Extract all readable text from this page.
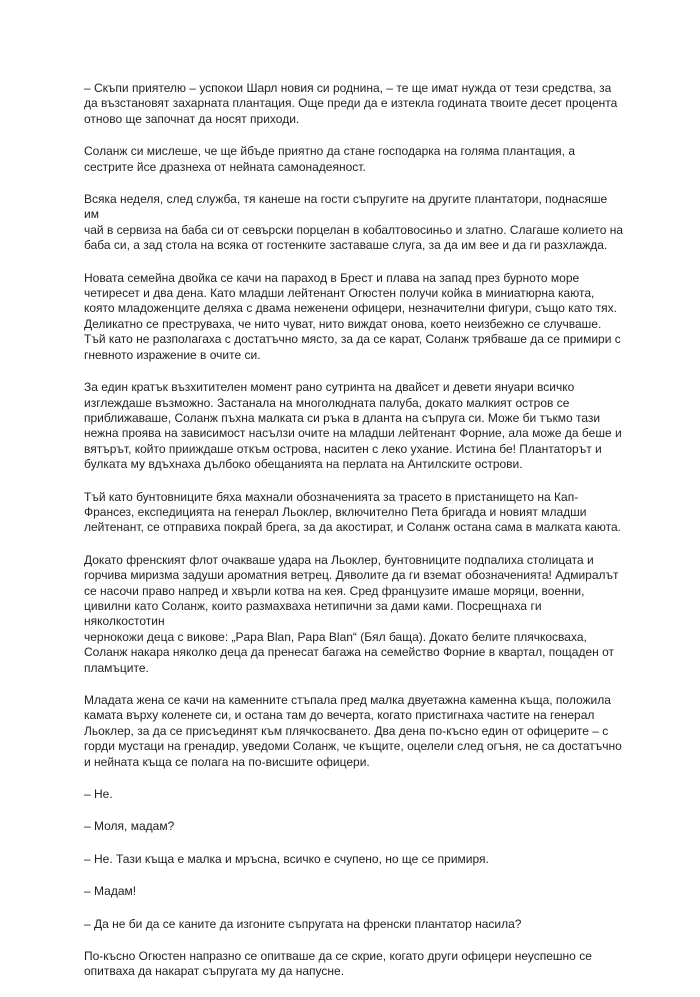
– Скъпи приятелю – успокои Шарл новия си роднина, – те ще имат нужда от тези средства, за
да възстановят захарната плантация. Още преди да е изтекла годината твоите десет процента
отново ще започнат да носят приходи.

Соланж си мислеше, че ще йбъде приятно да стане господарка на голяма плантация, а
сестрите йсе дразнеха от нейната самонадеяност.

Всяка неделя, след служба, тя канеше на гости съпругите на другите плантатори, поднасяше им
чай в сервиза на баба си от севърски порцелан в кобалтовосиньо и златно. Слагаше колието на
баба си, а зад стола на всяка от гостенките заставаше слуга, за да им вее и да ги разхлажда.

Новата семейна двойка се качи на параход в Брест и плава на запад през бурното море
четиресет и два дена. Като младши лейтенант Огюстен получи койка в миниатюрна каюта,
която младоженците деляха с двама неженени офицери, незначителни фигури, също като тях.
Деликатно се преструваха, че нито чуват, нито виждат онова, което неизбежно се случваше.
Тъй като не разполагаха с достатъчно място, за да се карат, Соланж трябваше да се примири с
гневното изражение в очите си.

За един кратък възхитителен момент рано сутринта на двайсет и девети януари всичко
изглеждаше възможно. Застанала на многолюдната палуба, докато малкият остров се
приближаваше, Соланж пъхна малката си ръка в дланта на съпруга си. Може би тъкмо тази
нежна проява на зависимост насълзи очите на младши лейтенант Форние, ала може да беше и
вятърът, който прииждаше откъм острова, наситен с леко ухание. Истина бе! Плантаторът и
булката му вдъхнаха дълбоко обещанията на перлата на Антилските острови.

Тъй като бунтовниците бяха махнали обозначенията за трасето в пристанището на Кап-
Франсез, експедицията на генерал Льоклер, включително Пета бригада и новият младши
лейтенант, се отправиха покрай брега, за да акостират, и Соланж остана сама в малката каюта.

Докато френският флот очакваше удара на Льоклер, бунтовниците подпалиха столицата и
горчива миризма задуши ароматния ветрец. Дяволите да ги вземат обозначенията! Адмиралът
се насочи право напред и хвърли котва на кея. Сред французите имаше моряци, военни,
цивилни като Соланж, които размахваха нетипични за дами ками. Посрещнаха ги няколкостотин
чернокожи деца с викове: „Papa Blan, Papa Blan“ (Бял баща). Докато белите плячкосваха,
Соланж накара няколко деца да пренесат багажа на семейство Форние в квартал, пощаден от
пламъците.

Младата жена се качи на каменните стъпала пред малка двуетажна каменна къща, положила
камата върху коленете си, и остана там до вечерта, когато пристигнаха частите на генерал
Льоклер, за да се присъединят към плячкосването. Два дена по-късно един от офицерите – с
горди мустаци на гренадир, уведоми Соланж, че къщите, оцелели след огъня, не са достатъчно
и нейната къща се полага на по-висшите офицери.

– Не.

– Моля, мадам?

– Не. Тази къща е малка и мръсна, всичко е счупено, но ще се примиря.

– Мадам!

– Да не би да се каните да изгоните съпругата на френски плантатор насила?

По-късно Огюстен напразно се опитваше да се скрие, когато други офицери неуспешно се
опитваха да накарат съпругата му да напусне.
